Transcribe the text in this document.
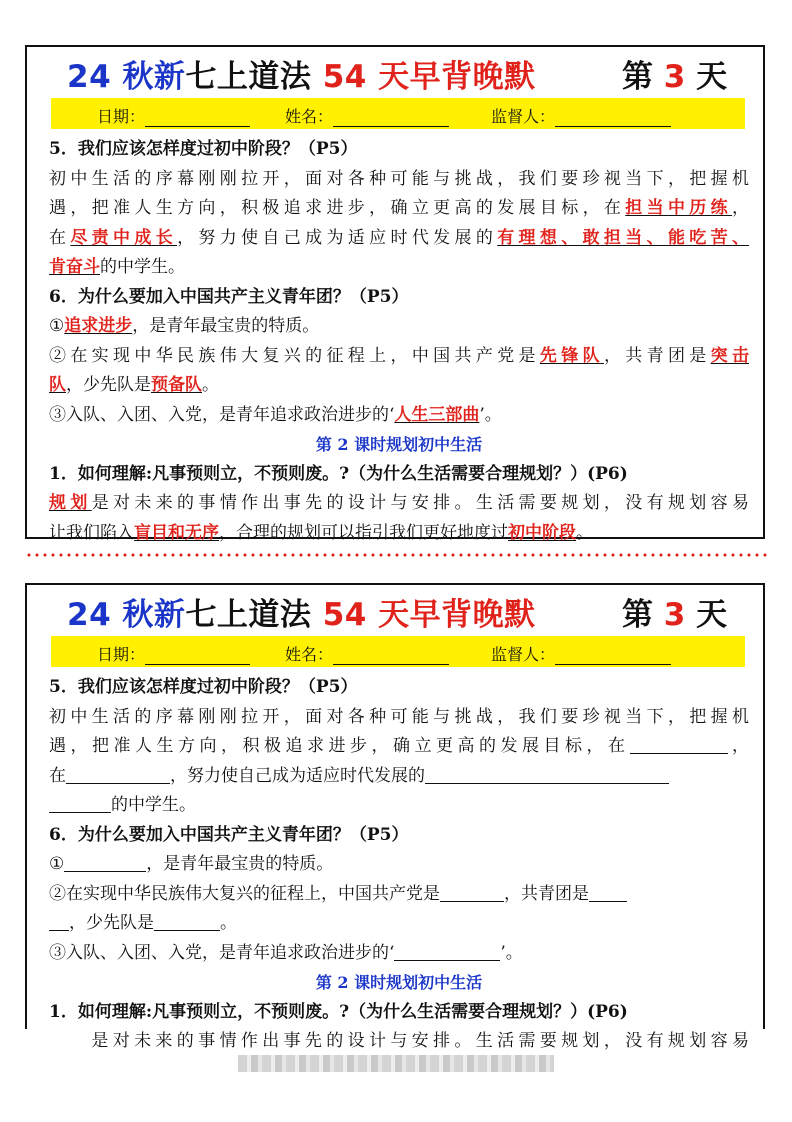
24 秋新七上道法 54 天早背晚默	第 3 天
日期：	姓名：	监督人：

5．我们应该怎样度过初中阶段？（P5）

初中生活的序幕刚刚拉开，面对各种可能与挑战，我们要珍视当下，把握机

遇，把准人生方向，积极追求进步，确立更高的发展目标，在担当中历练，

在尽责中成长，努力使自己成为适应时代发展的有理想、敢担当、能吃苦、

肯奋斗的中学生。

6．为什么要加入中国共产主义青年团？（P5）

①追求进步，是青年最宝贵的特质。

②在实现中华民族伟大复兴的征程上，中国共产党是先锋队，共青团是突击

队，少先队是预备队。

③入队、入团、入党，是青年追求政治进步的‘人生三部曲’。

第 2 课时规划初中生活

1．如何理解:凡事预则立，不预则废。?（为什么生活需要合理规划？）(P6)

规划是对未来的事情作出事先的设计与安排。生活需要规划，没有规划容易

让我们陷入盲目和无序，合理的规划可以指引我们更好地度过初中阶段。

24 秋新七上道法 54 天早背晚默	第 3 天
日期：	姓名：	监督人：

5．我们应该怎样度过初中阶段？（P5）

初中生活的序幕刚刚拉开，面对各种可能与挑战，我们要珍视当下，把握机

遇，把准人生方向，积极追求进步，确立更高的发展目标，在	，

在	，努力使自己成为适应时代发展的

的中学生。

6．为什么要加入中国共产主义青年团？（P5）

①	，是青年最宝贵的特质。

②在实现中华民族伟大复兴的征程上，中国共产党是	，共青团是

，少先队是	。

③入队、入团、入党，是青年追求政治进步的‘	’。

第 2 课时规划初中生活

1．如何理解:凡事预则立，不预则废。?（为什么生活需要合理规划？）(P6)

是对未来的事情作出事先的设计与安排。生活需要规划，没有规划容易
